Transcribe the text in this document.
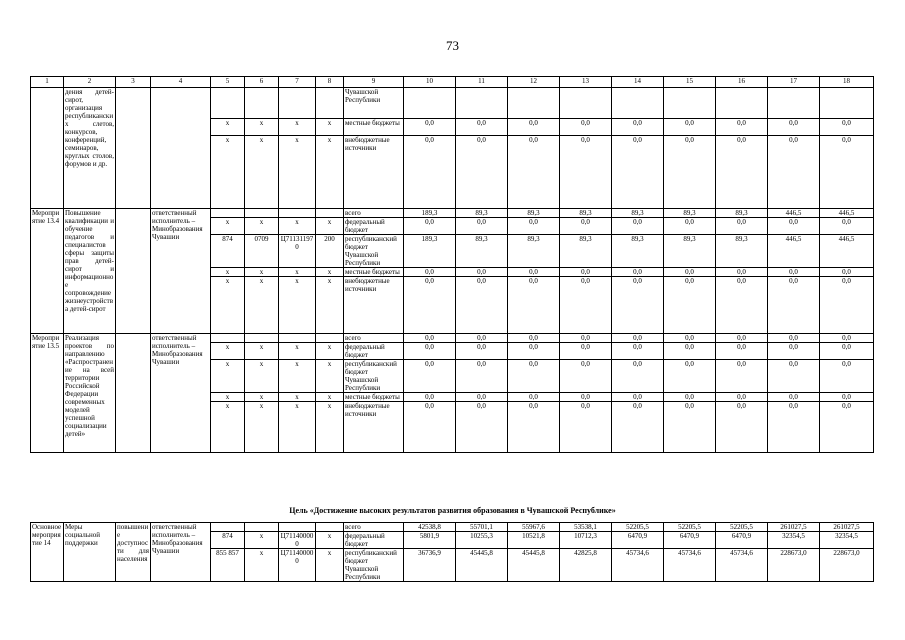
73
1	2	3	4	5	6	7	8	9	10	11	12	13	14	15	16	17	18
	дения детей-сирот, организация республиканских слетов, конкурсов, конференций, семинаров, круглых столов, форумов и др.							Чувашской Республики									
				x	x	x	x	местные бюджеты	0,0	0,0	0,0	0,0	0,0	0,0	0,0	0,0	0,0
				x	x	x	x	внебюджетные источники	0,0	0,0	0,0	0,0	0,0	0,0	0,0	0,0	0,0
Мероприятие 13.4	Повышение квалификации и обучение педагогов и специалистов сферы защиты прав детей-сирот и информационное сопровождение жизнеустройства детей-сирот		ответственный исполнитель – Минобразования Чувашии					всего	189,3	89,3	89,3	89,3	89,3	89,3	89,3	446,5	446,5
				x	x	x	x	федеральный бюджет	0,0	0,0	0,0	0,0	0,0	0,0	0,0	0,0	0,0
				874	0709	Ц711311970	200	республиканский бюджет Чувашской Республики	189,3	89,3	89,3	89,3	89,3	89,3	89,3	446,5	446,5
				x	x	x	x	местные бюджеты	0,0	0,0	0,0	0,0	0,0	0,0	0,0	0,0	0,0
				x	x	x	x	внебюджетные источники	0,0	0,0	0,0	0,0	0,0	0,0	0,0	0,0	0,0
Мероприятие 13.5	Реализация проектов по направлению «Распространение на всей территории Российской Федерации современных моделей успешной социализации детей»		ответственный исполнитель – Минобразования Чувашии					всего	0,0	0,0	0,0	0,0	0,0	0,0	0,0	0,0	0,0
				x	x	x	x	федеральный бюджет	0,0	0,0	0,0	0,0	0,0	0,0	0,0	0,0	0,0
				x	x	x	x	республиканский бюджет Чувашской Республики	0,0	0,0	0,0	0,0	0,0	0,0	0,0	0,0	0,0
				x	x	x	x	местные бюджеты	0,0	0,0	0,0	0,0	0,0	0,0	0,0	0,0	0,0
				x	x	x	x	внебюджетные источники	0,0	0,0	0,0	0,0	0,0	0,0	0,0	0,0	0,0
Цель «Достижение высоких результатов развития образования в Чувашской Республике»
Основное мероприятие 14	Меры социальной поддержки	повышение доступности для населения	ответственный исполнитель – Минобразования Чувашии					всего	42538,8	55701,1	55967,6	53538,1	52205,5	52205,5	52205,5	261027,5	261027,5
				874	x	Ц711400000	x	федеральный бюджет	5801,9	10255,3	10521,8	10712,3	6470,9	6470,9	6470,9	32354,5	32354,5
				855 857	x	Ц711400000	x	республиканский бюджет Чувашской Республики	36736,9	45445,8	45445,8	42825,8	45734,6	45734,6	45734,6	228673,0	228673,0
